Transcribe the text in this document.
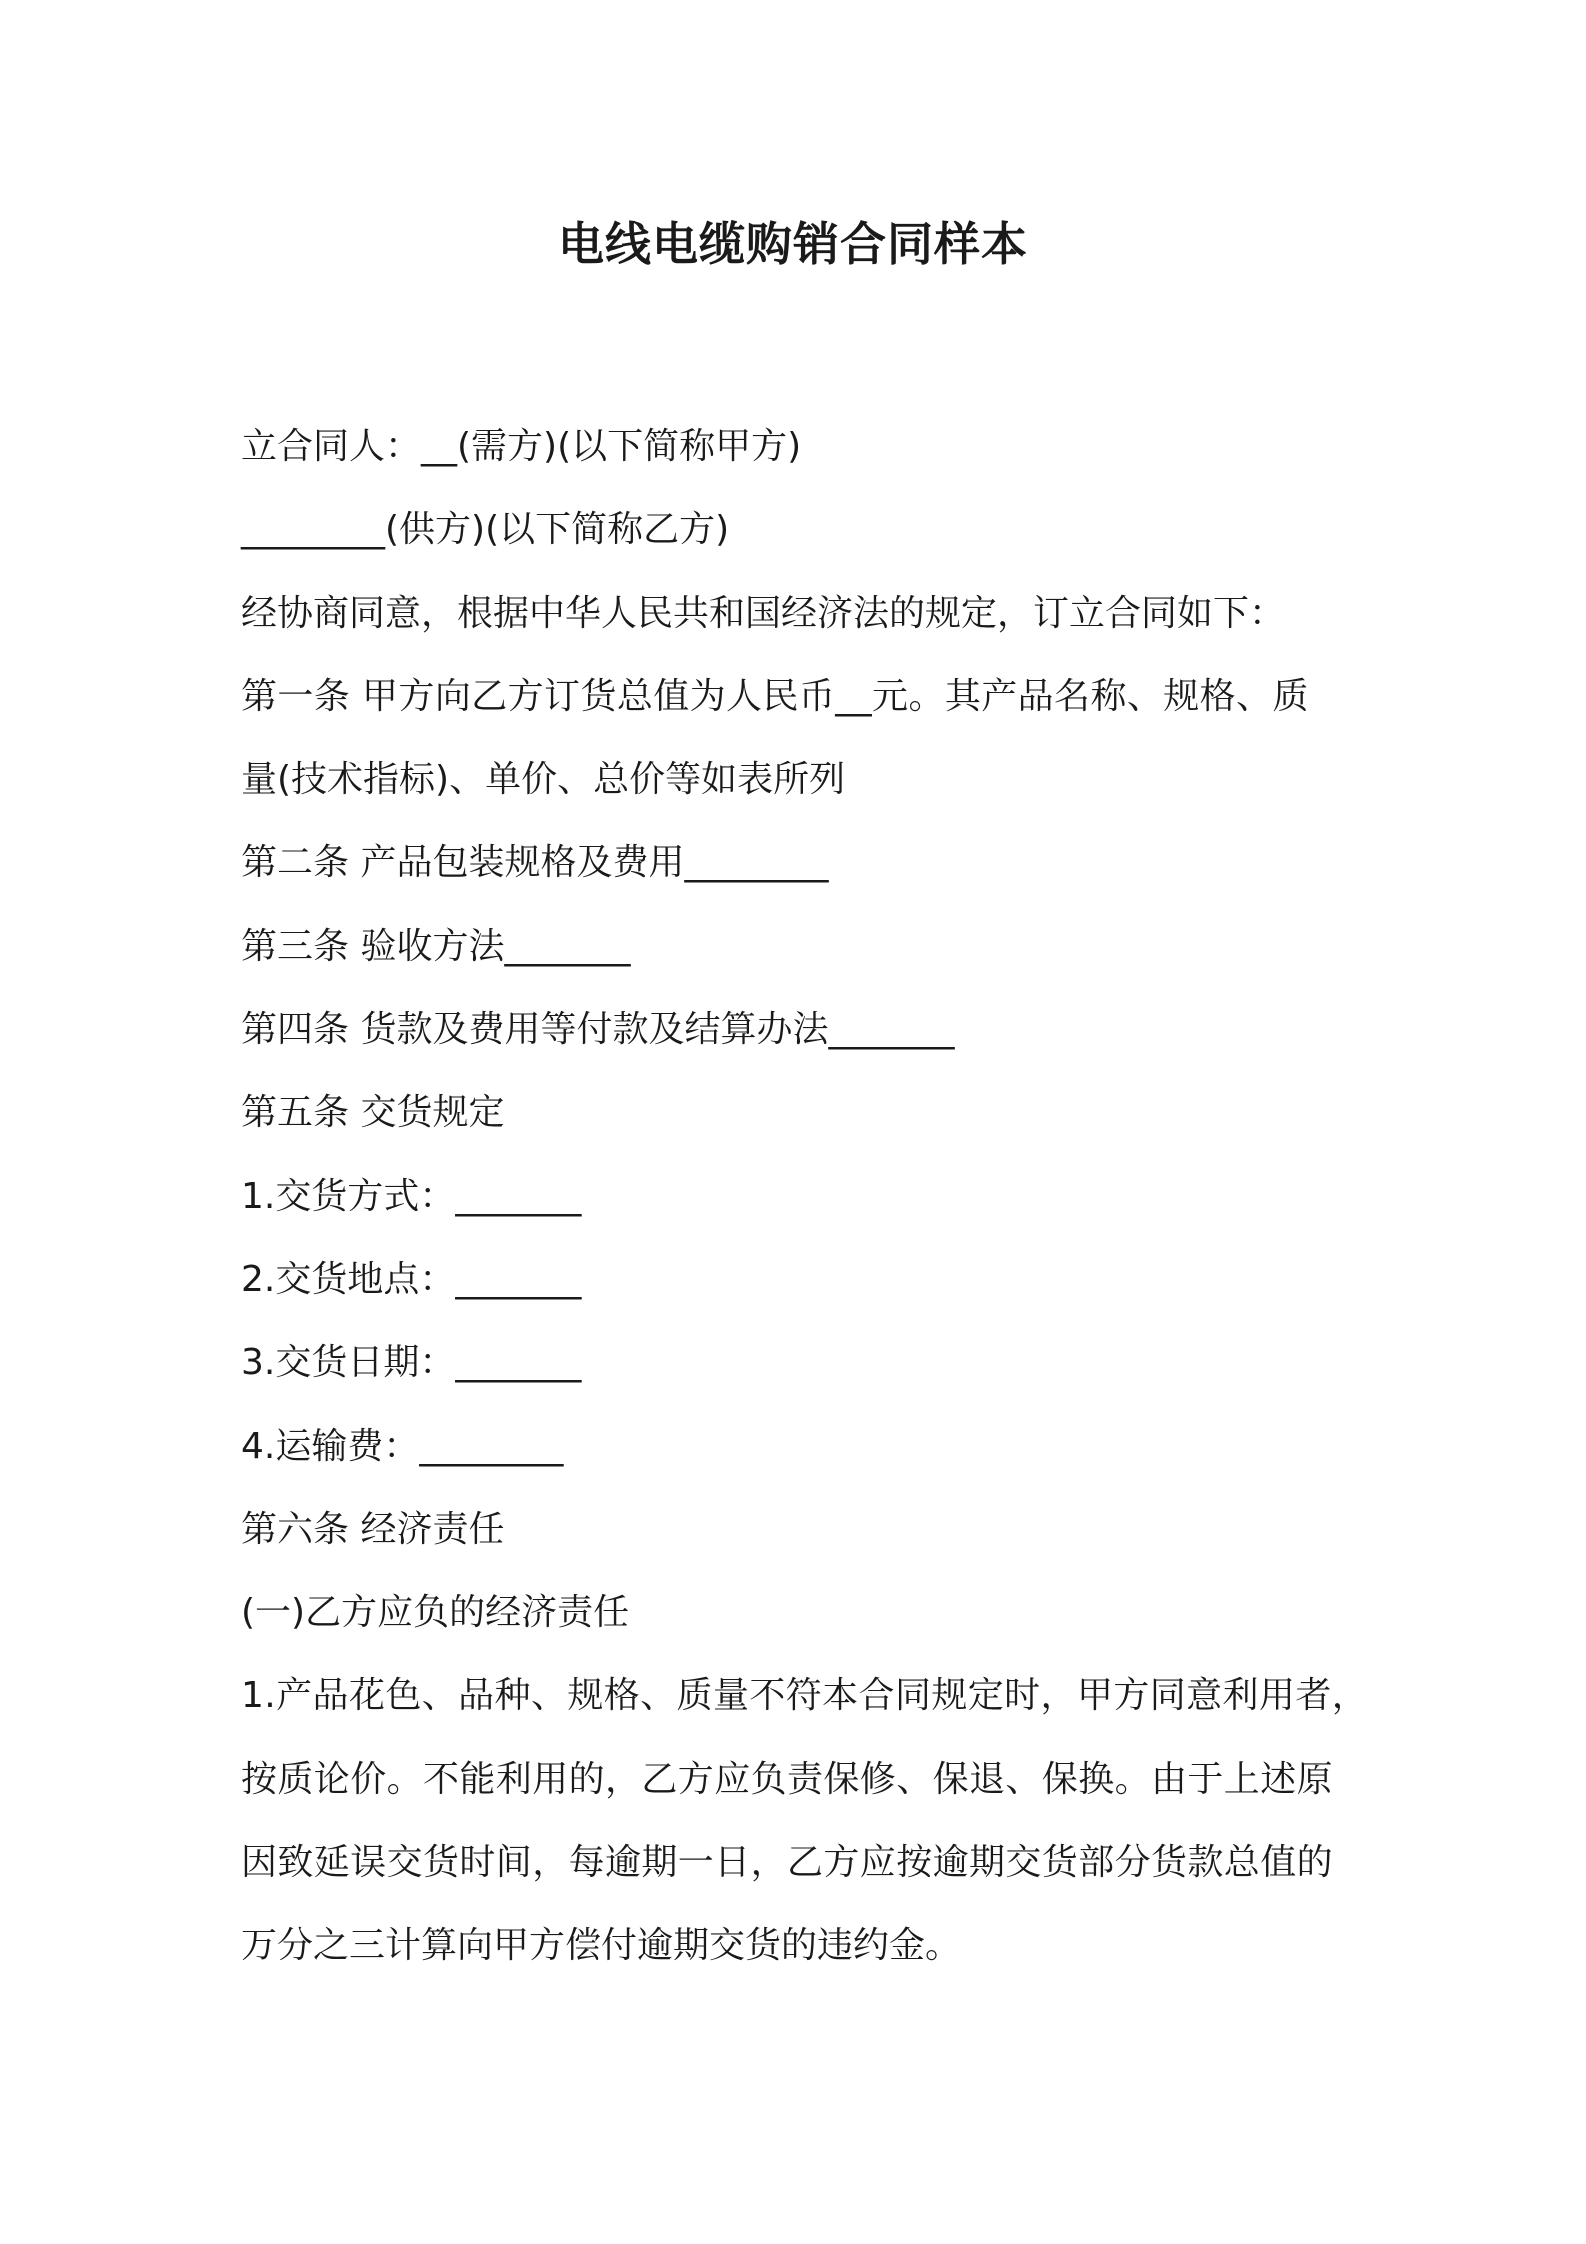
电线电缆购销合同样本

立合同人：__(需方)(以下简称甲方)

________(供方)(以下简称乙方)

经协商同意，根据中华人民共和国经济法的规定，订立合同如下：

第一条 甲方向乙方订货总值为人民币__元。其产品名称、规格、质

量(技术指标)、单价、总价等如表所列

第二条 产品包装规格及费用________

第三条 验收方法_______

第四条 货款及费用等付款及结算办法_______

第五条 交货规定

1.交货方式：_______

2.交货地点：_______

3.交货日期：_______

4.运输费：________

第六条 经济责任

(一)乙方应负的经济责任

1.产品花色、品种、规格、质量不符本合同规定时，甲方同意利用者，

按质论价。不能利用的，乙方应负责保修、保退、保换。由于上述原

因致延误交货时间，每逾期一日，乙方应按逾期交货部分货款总值的

万分之三计算向甲方偿付逾期交货的违约金。
